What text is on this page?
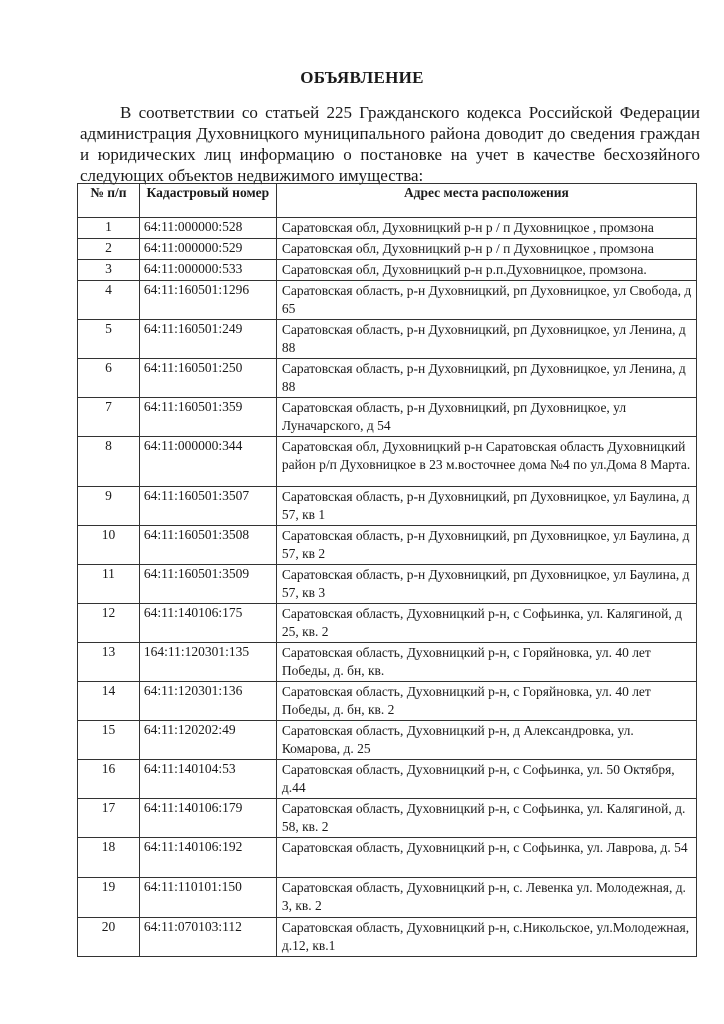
ОБЪЯВЛЕНИЕ

В соответствии со статьей 225 Гражданского кодекса Российской Федерации администрация Духовницкого муниципального района доводит до сведения граждан и юридических лиц информацию о постановке на учет в качестве бесхозяйного следующих объектов недвижимого имущества:

№ п/п	Кадастровый номер	Адрес места расположения
1	64:11:000000:528	Саратовская обл, Духовницкий р-н р / п Духовницкое , промзона
2	64:11:000000:529	Саратовская обл, Духовницкий р-н р / п Духовницкое , промзона
3	64:11:000000:533	Саратовская обл, Духовницкий р-н р.п.Духовницкое, промзона.
4	64:11:160501:1296	Саратовская область, р-н Духовницкий, рп Духовницкое, ул Свобода, д 65
5	64:11:160501:249	Саратовская область, р-н Духовницкий, рп Духовницкое, ул Ленина, д 88
6	64:11:160501:250	Саратовская область, р-н Духовницкий, рп Духовницкое, ул Ленина, д 88
7	64:11:160501:359	Саратовская область, р-н Духовницкий, рп Духовницкое, ул Луначарского, д 54
8	64:11:000000:344	Саратовская обл, Духовницкий р-н Саратовская область Духовницкий район р/п Духовницкое в 23 м.восточнее дома №4 по ул.Дома 8 Марта.
9	64:11:160501:3507	Саратовская область, р-н Духовницкий, рп Духовницкое, ул Баулина, д 57, кв 1
10	64:11:160501:3508	Саратовская область, р-н Духовницкий, рп Духовницкое, ул Баулина, д 57, кв 2
11	64:11:160501:3509	Саратовская область, р-н Духовницкий, рп Духовницкое, ул Баулина, д 57, кв 3
12	64:11:140106:175	Саратовская область, Духовницкий р-н, с Софьинка, ул. Калягиной, д 25, кв. 2
13	164:11:120301:135	Саратовская область, Духовницкий р-н, с Горяйновка, ул. 40 лет Победы, д. бн, кв.
14	64:11:120301:136	Саратовская область, Духовницкий р-н, с Горяйновка, ул. 40 лет Победы, д. бн, кв. 2
15	64:11:120202:49	Саратовская область, Духовницкий р-н, д Александровка, ул. Комарова, д. 25
16	64:11:140104:53	Саратовская область, Духовницкий р-н, с Софьинка, ул. 50 Октября, д.44
17	64:11:140106:179	Саратовская область, Духовницкий р-н, с Софьинка, ул. Калягиной, д. 58, кв. 2
18	64:11:140106:192	Саратовская область, Духовницкий р-н, с Софьинка, ул. Лаврова, д. 54
19	64:11:110101:150	Саратовская область, Духовницкий р-н, с. Левенка ул. Молодежная, д. 3, кв. 2
20	64:11:070103:112	Саратовская область, Духовницкий р-н, с.Никольское, ул.Молодежная, д.12, кв.1
